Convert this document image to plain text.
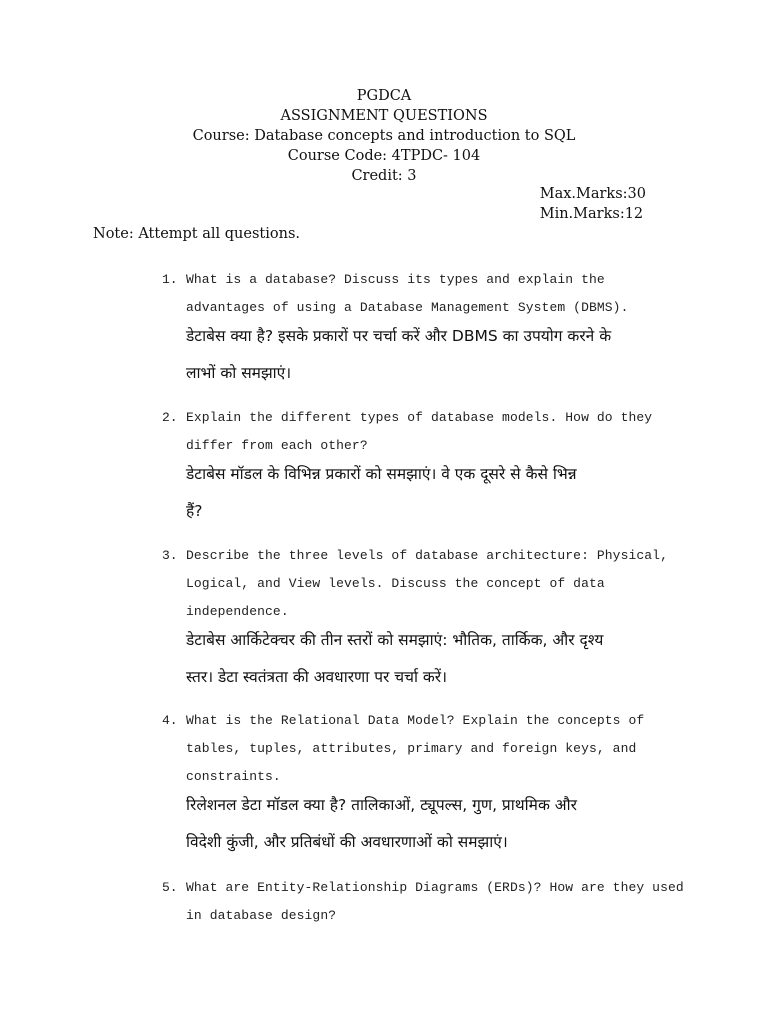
PGDCA
ASSIGNMENT QUESTIONS
Course: Database concepts and introduction to SQL
Course Code: 4TPDC- 104
Credit: 3
Max.Marks:30
Min.Marks:12
Note: Attempt all questions.
1. What is a database? Discuss its types and explain the
advantages of using a Database Management System (DBMS).
डेटाबेस क्या है? इसके प्रकारों पर चर्चा करें और DBMS का उपयोग करने के
लाभों को समझाएं।
2. Explain the different types of database models. How do they
differ from each other?
डेटाबेस मॉडल के विभिन्न प्रकारों को समझाएं। वे एक दूसरे से कैसे भिन्न
हैं?
3. Describe the three levels of database architecture: Physical,
Logical, and View levels. Discuss the concept of data
independence.
डेटाबेस आर्किटेक्चर की तीन स्तरों को समझाएं: भौतिक, तार्किक, और दृश्य
स्तर। डेटा स्वतंत्रता की अवधारणा पर चर्चा करें।
4. What is the Relational Data Model? Explain the concepts of
tables, tuples, attributes, primary and foreign keys, and
constraints.
रिलेशनल डेटा मॉडल क्या है? तालिकाओं, ट्यूपल्स, गुण, प्राथमिक और
विदेशी कुंजी, और प्रतिबंधों की अवधारणाओं को समझाएं।
5. What are Entity-Relationship Diagrams (ERDs)? How are they used
in database design?
